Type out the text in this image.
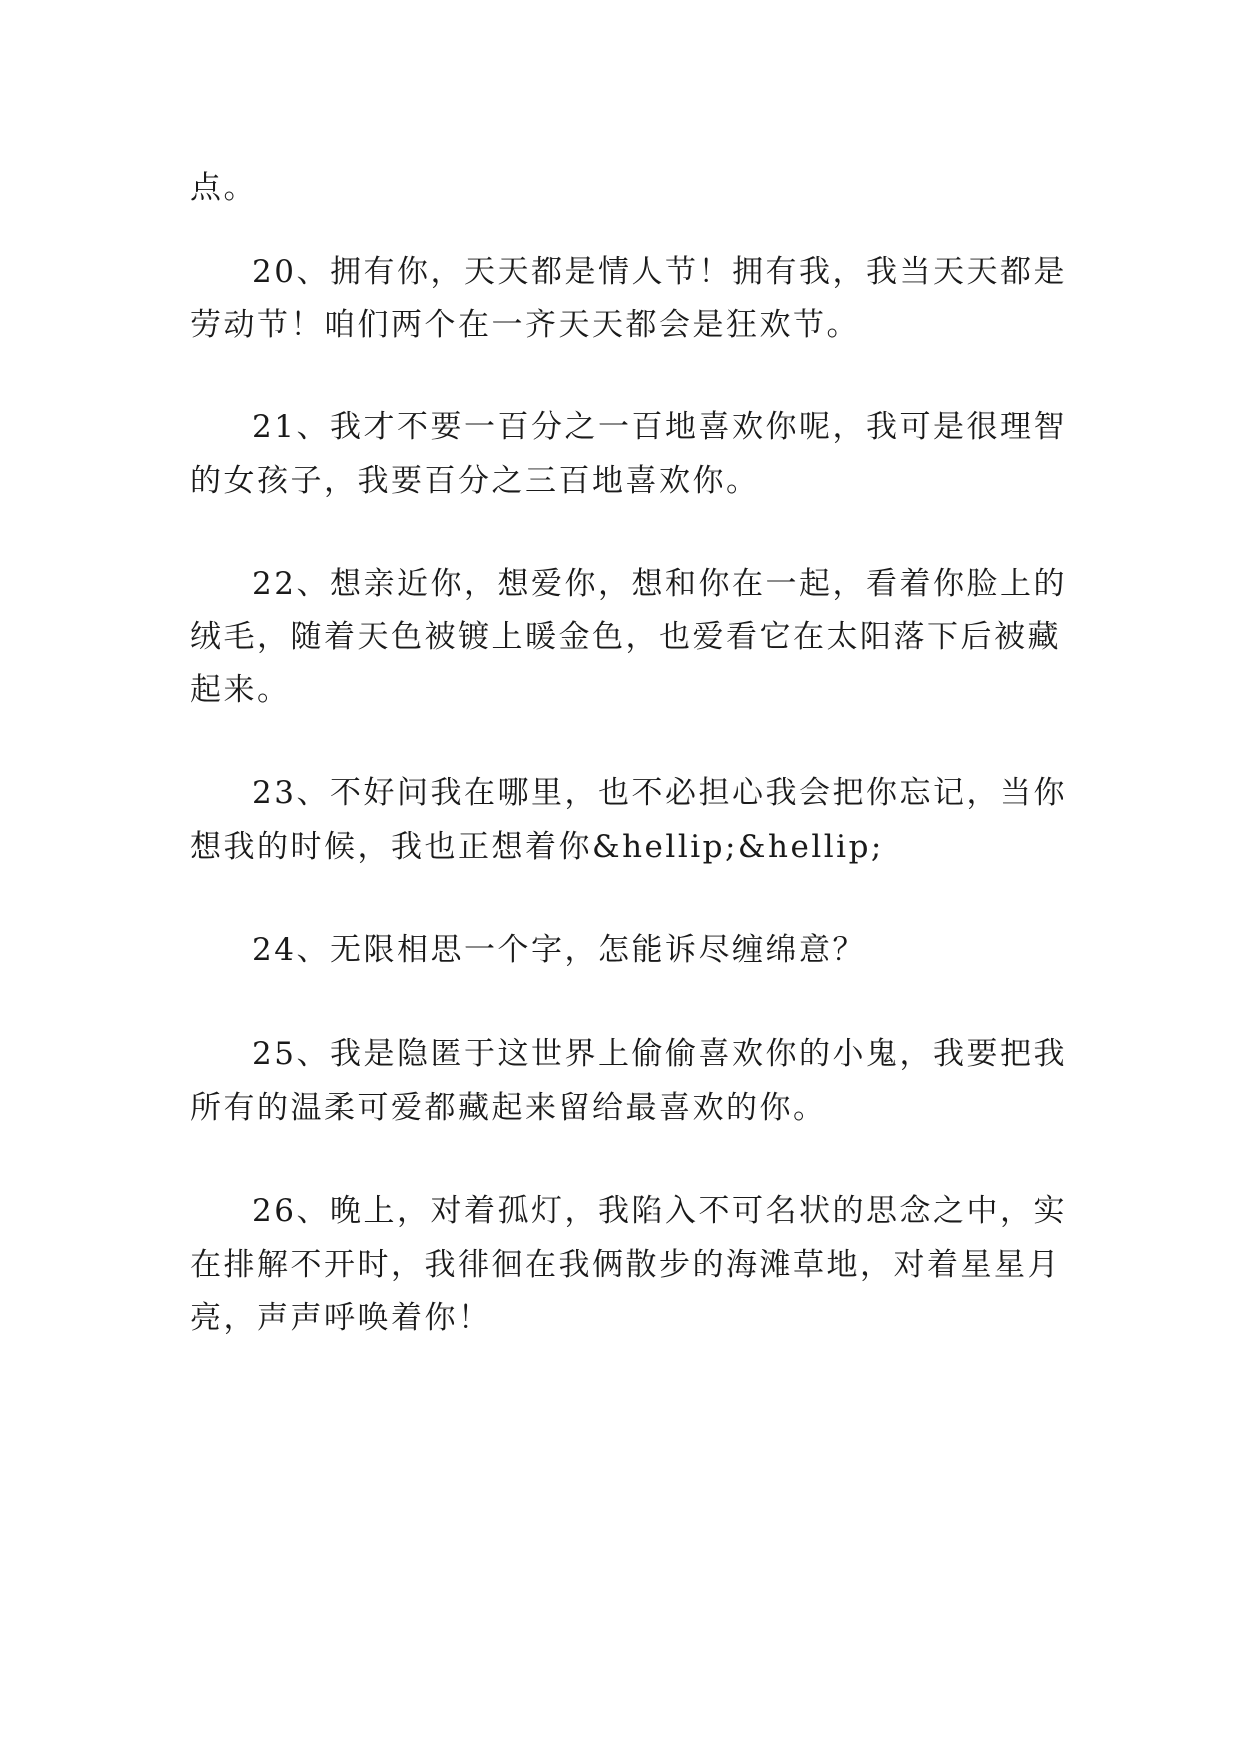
点。

20、拥有你，天天都是情人节！拥有我，我当天天都是

劳动节！咱们两个在一齐天天都会是狂欢节。

21、我才不要一百分之一百地喜欢你呢，我可是很理智

的女孩子，我要百分之三百地喜欢你。

22、想亲近你，想爱你，想和你在一起，看着你脸上的

绒毛，随着天色被镀上暖金色，也爱看它在太阳落下后被藏

起来。

23、不好问我在哪里，也不必担心我会把你忘记，当你

想我的时候，我也正想着你&hellip;&hellip;

24、无限相思一个字，怎能诉尽缠绵意？

25、我是隐匿于这世界上偷偷喜欢你的小鬼，我要把我

所有的温柔可爱都藏起来留给最喜欢的你。

26、晚上，对着孤灯，我陷入不可名状的思念之中，实

在排解不开时，我徘徊在我俩散步的海滩草地，对着星星月

亮，声声呼唤着你！
